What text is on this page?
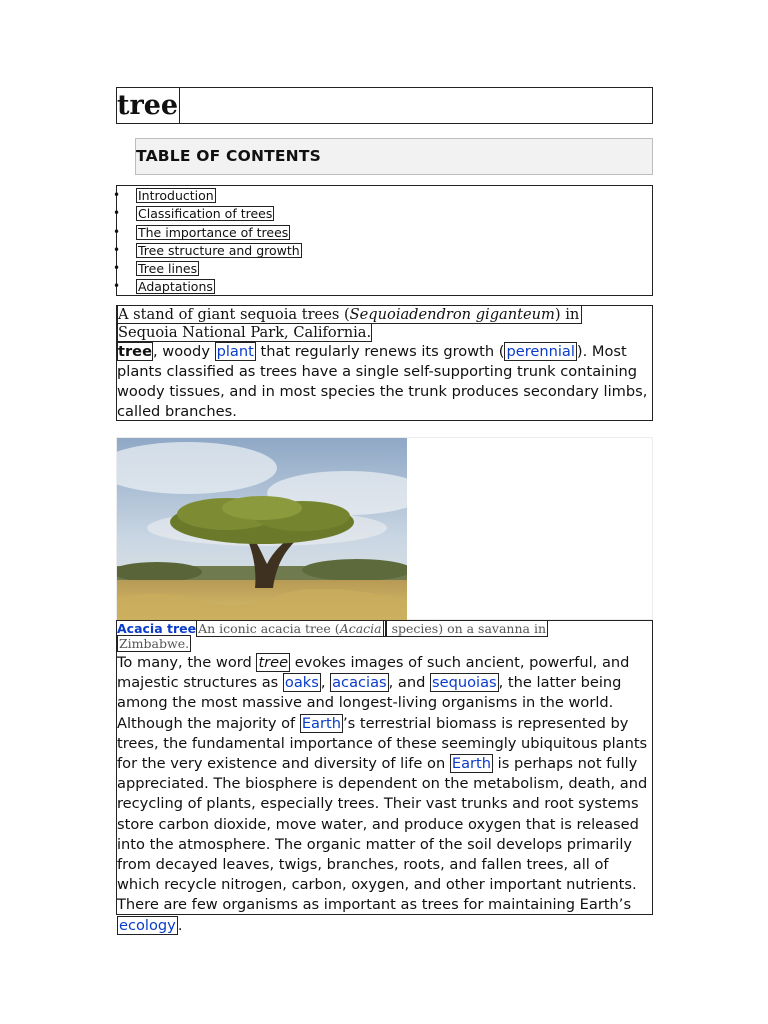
tree
TABLE OF CONTENTS
• Introduction
• Classification of trees
• The importance of trees
• Tree structure and growth
• Tree lines
• Adaptations
A stand of giant sequoia trees (Sequoiadendron giganteum) in
Sequoia National Park, California.
tree, woody plant that regularly renews its growth ( perennial ). Most plants classified as trees have a single self-supporting trunk containing woody tissues, and in most species the trunk produces secondary limbs, called branches.
Acacia tree An iconic acacia tree (Acacia species) on a savanna in
Zimbabwe.
To many, the word tree evokes images of such ancient, powerful, and majestic structures as oaks , acacias , and sequoias , the latter being among the most massive and longest-living organisms in the world. Although the majority of Earth ’s terrestrial biomass is represented by trees, the fundamental importance of these seemingly ubiquitous plants for the very existence and diversity of life on Earth is perhaps not fully appreciated. The biosphere is dependent on the metabolism, death, and recycling of plants, especially trees. Their vast trunks and root systems store carbon dioxide, move water, and produce oxygen that is released into the atmosphere. The organic matter of the soil develops primarily from decayed leaves, twigs, branches, roots, and fallen trees, all of which recycle nitrogen, carbon, oxygen, and other important nutrients. There are few organisms as important as trees for maintaining Earth’s ecology .
